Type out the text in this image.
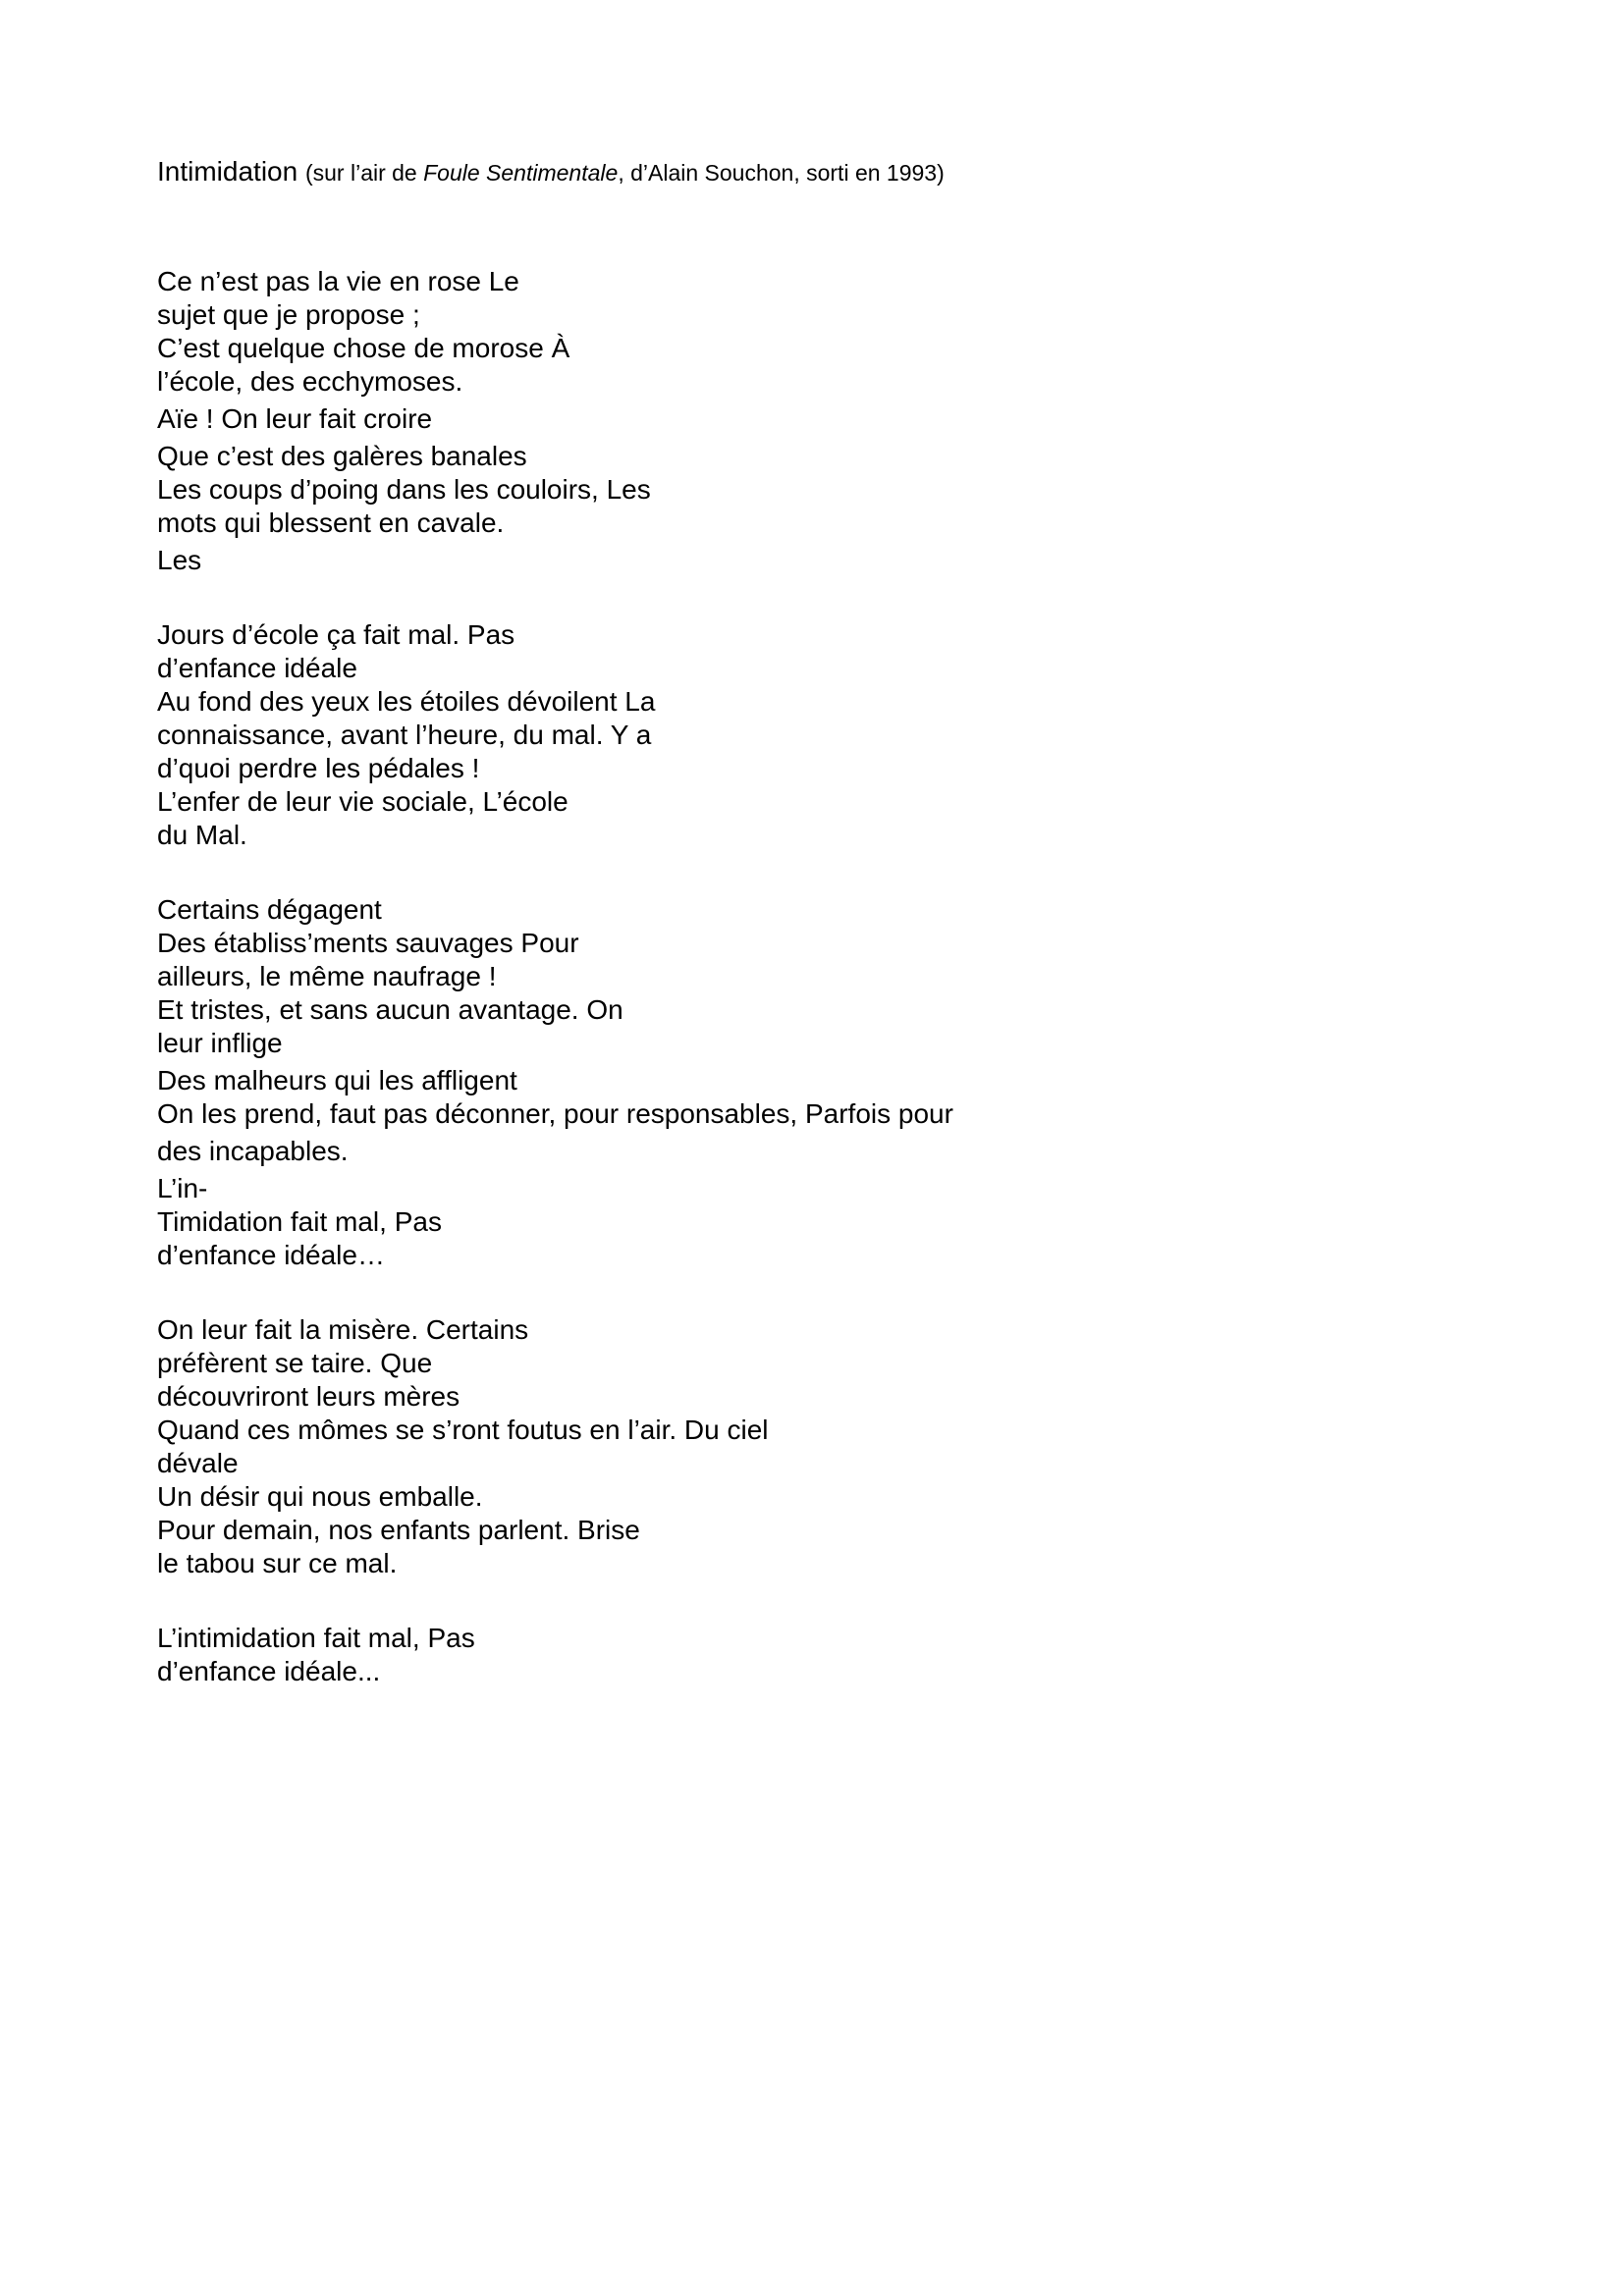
Intimidation (sur l’air de Foule Sentimentale, d’Alain Souchon, sorti en 1993)
Ce n’est pas la vie en rose Le
sujet que je propose ;
C’est quelque chose de morose À
l’école, des ecchymoses.
Aïe ! On leur fait croire
Que c’est des galères banales
Les coups d’poing dans les couloirs, Les
mots qui blessent en cavale.
Les
Jours d’école ça fait mal. Pas
d’enfance idéale
Au fond des yeux les étoiles dévoilent La
connaissance, avant l’heure, du mal. Y a
d’quoi perdre les pédales !
L’enfer de leur vie sociale, L’école
du Mal.
Certains dégagent
Des établiss’ments sauvages Pour
ailleurs, le même naufrage !
Et tristes, et sans aucun avantage. On
leur inflige
Des malheurs qui les affligent
On les prend, faut pas déconner, pour responsables, Parfois pour
des incapables.
L’in-
Timidation fait mal, Pas
d’enfance idéale…
On leur fait la misère. Certains
préfèrent se taire. Que
découvriront leurs mères
Quand ces mômes se s’ront foutus en l’air. Du ciel
dévale
Un désir qui nous emballe.
Pour demain, nos enfants parlent. Brise
le tabou sur ce mal.
L’intimidation fait mal, Pas
d’enfance idéale...
